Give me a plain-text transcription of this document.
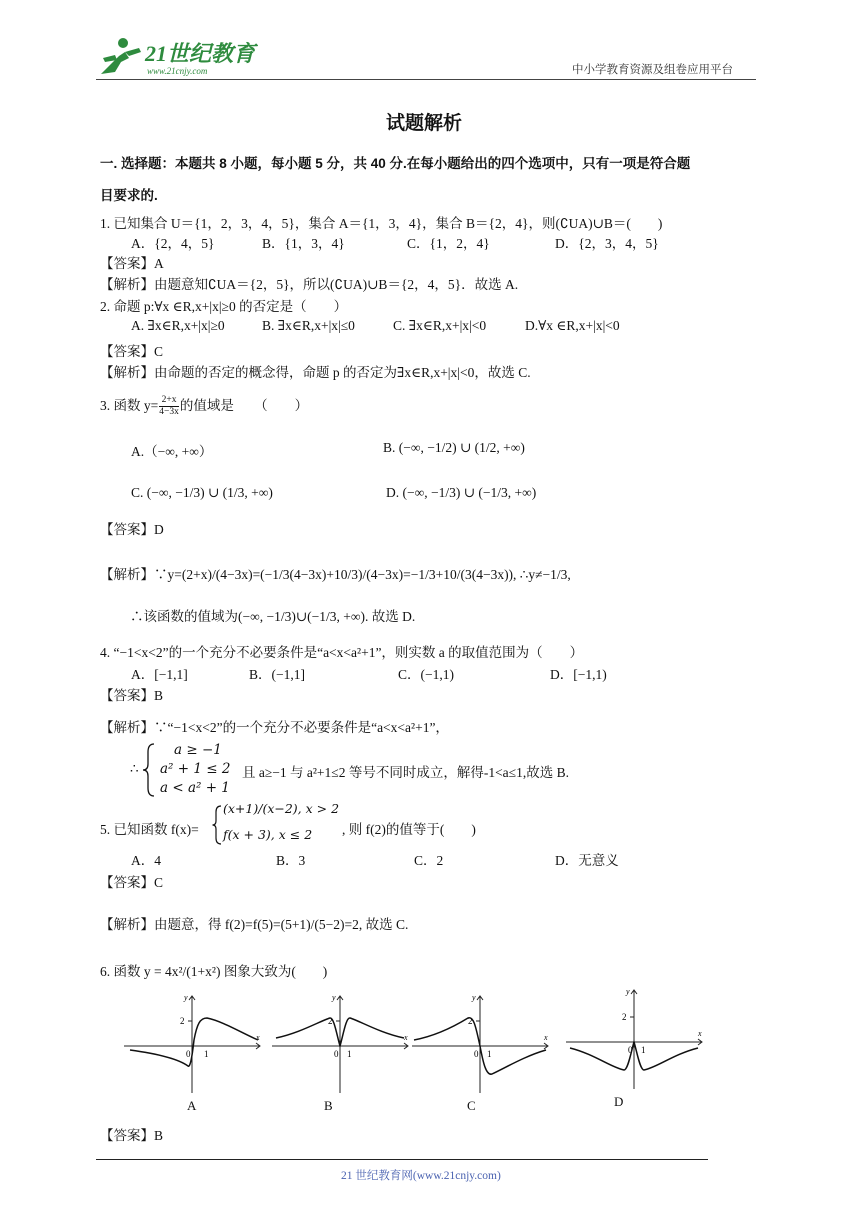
21世纪教育
www.21cnjy.com	中小学教育资源及组卷应用平台
试题解析
一. 选择题：本题共 8 小题，每小题 5 分，共 40 分.在每小题给出的四个选项中，只有一项是符合题
目要求的.
1. 已知集合 U＝{1，2，3，4，5}，集合 A＝{1，3，4}，集合 B＝{2，4}，则(∁UA)∪B＝(　　)
A．{2，4，5}	B．{1，3，4}	C．{1，2，4}	D．{2，3，4，5}
【答案】A
【解析】由题意知∁UA＝{2，5}，所以(∁UA)∪B＝{2，4，5}．故选 A.
2. 命题 p:∀x ∈R,x+|x|≥0 的否定是（　　）
A. ∃x∈R,x+|x|≥0	B. ∃x∈R,x+|x|≤0	C. ∃x∈R,x+|x|<0	D.∀x ∈R,x+|x|<0
【答案】C
【解析】由命题的否定的概念得，命题 p 的否定为∃x∈R,x+|x|<0，故选 C.
3. 函数 $y= \frac{2+x}{4-3x}$ 的值域是　　（　　）
A.（−∞, +∞）	B. (−∞, −1/2) ∪ (1/2, +∞)
C. (−∞, −1/3) ∪ (1/3, +∞)	D. (−∞, −1/3) ∪ (−1/3, +∞)
【答案】D
【解析】∵y=(2+x)/(4−3x)=(−1/3(4−3x)+10/3)/(4−3x)=−1/3+10/(3(4−3x)), ∴y≠−1/3,
∴该函数的值域为(−∞, −1/3)∪(−1/3, +∞). 故选 D.
4. “−1<x<2”的一个充分不必要条件是“a<x<a²+1”，则实数 a 的取值范围为（　　）
A．[−1,1]	B．(−1,1]	C．(−1,1)	D．[−1,1)
【答案】B
【解析】∵“−1<x<2”的一个充分不必要条件是“a<x<a²+1”，
∴
a ≥ −1
a² + 1 ≤ 2
a < a² + 1
且 a≥−1 与 a²+1≤2 等号不同时成立，解得-1<a≤1,故选 B.
5. 已知函数 f(x)=
(x+1)/(x−2), x > 2
f(x + 3), x ≤ 2 , 则 f(2)的值等于(　　)
A．4	B．3	C．2	D．无意义
【答案】C
【解析】由题意，得 f(2)=f(5)=(5+1)/(5−2)=2, 故选 C.
6. 函数 y = 4x²/(1+x²) 图象大致为(　　)
x
y
2
0 1
A
x
y
2
0 1
B
x
y
2
0 1
C
x
y
2
0 1
D
【答案】B
21 世纪教育网(www.21cnjy.com)
